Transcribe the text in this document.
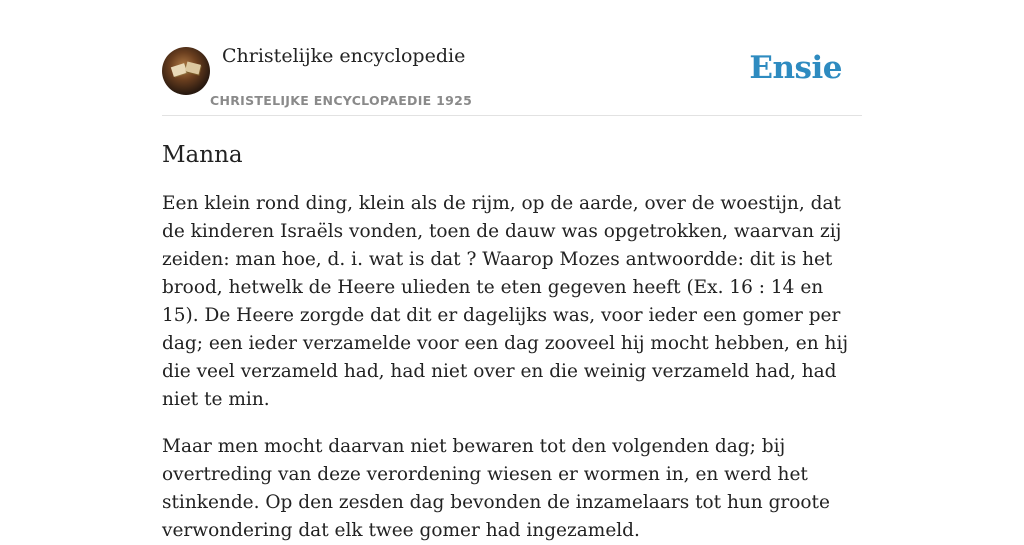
Christelijke encyclopedie
CHRISTELIJKE ENCYCLOPAEDIE 1925
Ensie
Manna

Een klein rond ding, klein als de rijm, op de aarde, over de woestijn, dat de kinderen Israëls vonden, toen de dauw was opgetrokken, waarvan zij zeiden: man hoe, d. i. wat is dat ? Waarop Mozes antwoordde: dit is het brood, hetwelk de Heere ulieden te eten gegeven heeft (Ex. 16 : 14 en 15). De Heere zorgde dat dit er dagelijks was, voor ieder een gomer per dag; een ieder verzamelde voor een dag zooveel hij mocht hebben, en hij die veel verzameld had, had niet over en die weinig verzameld had, had niet te min.

Maar men mocht daarvan niet bewaren tot den volgenden dag; bij overtreding van deze verordening wiesen er wormen in, en werd het stinkende. Op den zesden dag bevonden de inzamelaars tot hun groote verwondering dat elk twee gomer had ingezameld.
